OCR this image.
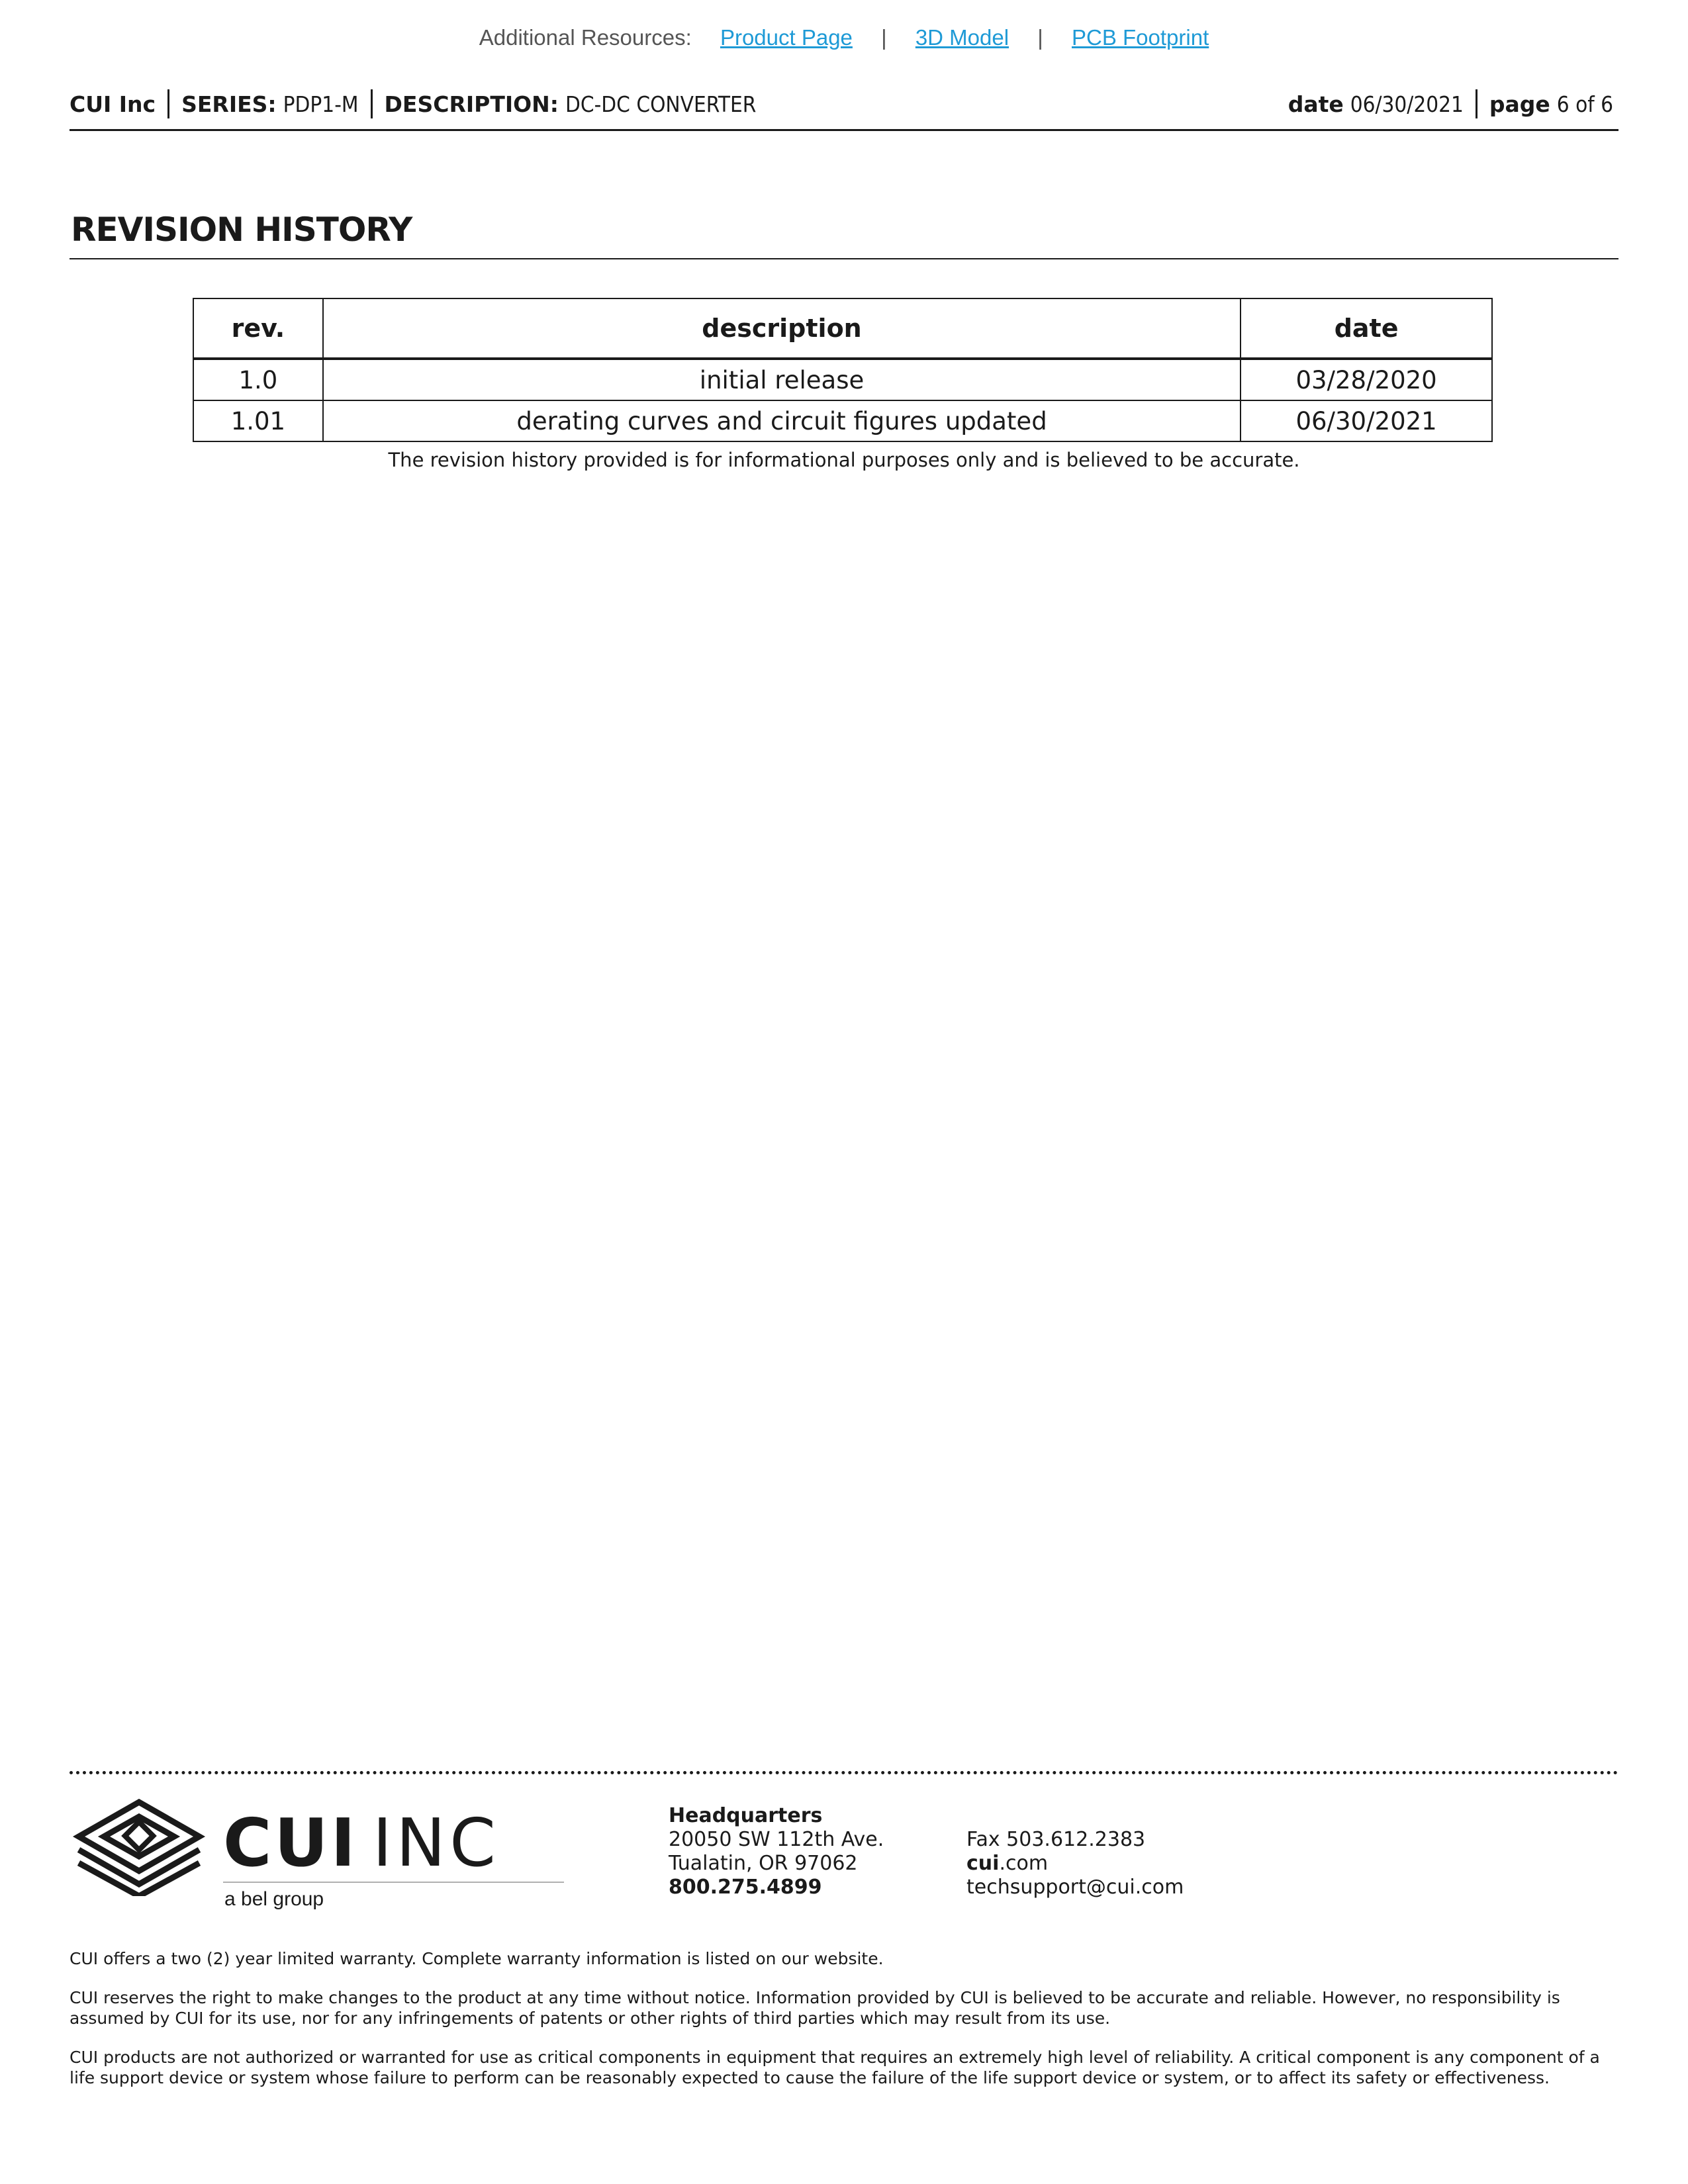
Additional Resources: Product Page | 3D Model | PCB Footprint
CUI Inc SERIES: PDP1-M DESCRIPTION: DC-DC CONVERTER	date 06/30/2021 page 6 of 6
REVISION HISTORY
rev.	description	date
1.0	initial release	03/28/2020
1.01	derating curves and circuit figures updated	06/30/2021
The revision history provided is for informational purposes only and is believed to be accurate.
CUI INC
a bel group
Headquarters
20050 SW 112th Ave.
Tualatin, OR 97062
800.275.4899
Fax 503.612.2383
cui.com
techsupport@cui.com
CUI offers a two (2) year limited warranty. Complete warranty information is listed on our website.
CUI reserves the right to make changes to the product at any time without notice. Information provided by CUI is believed to be accurate and reliable. However, no responsibility is assumed by CUI for its use, nor for any infringements of patents or other rights of third parties which may result from its use.
CUI products are not authorized or warranted for use as critical components in equipment that requires an extremely high level of reliability. A critical component is any component of a life support device or system whose failure to perform can be reasonably expected to cause the failure of the life support device or system, or to affect its safety or effectiveness.
